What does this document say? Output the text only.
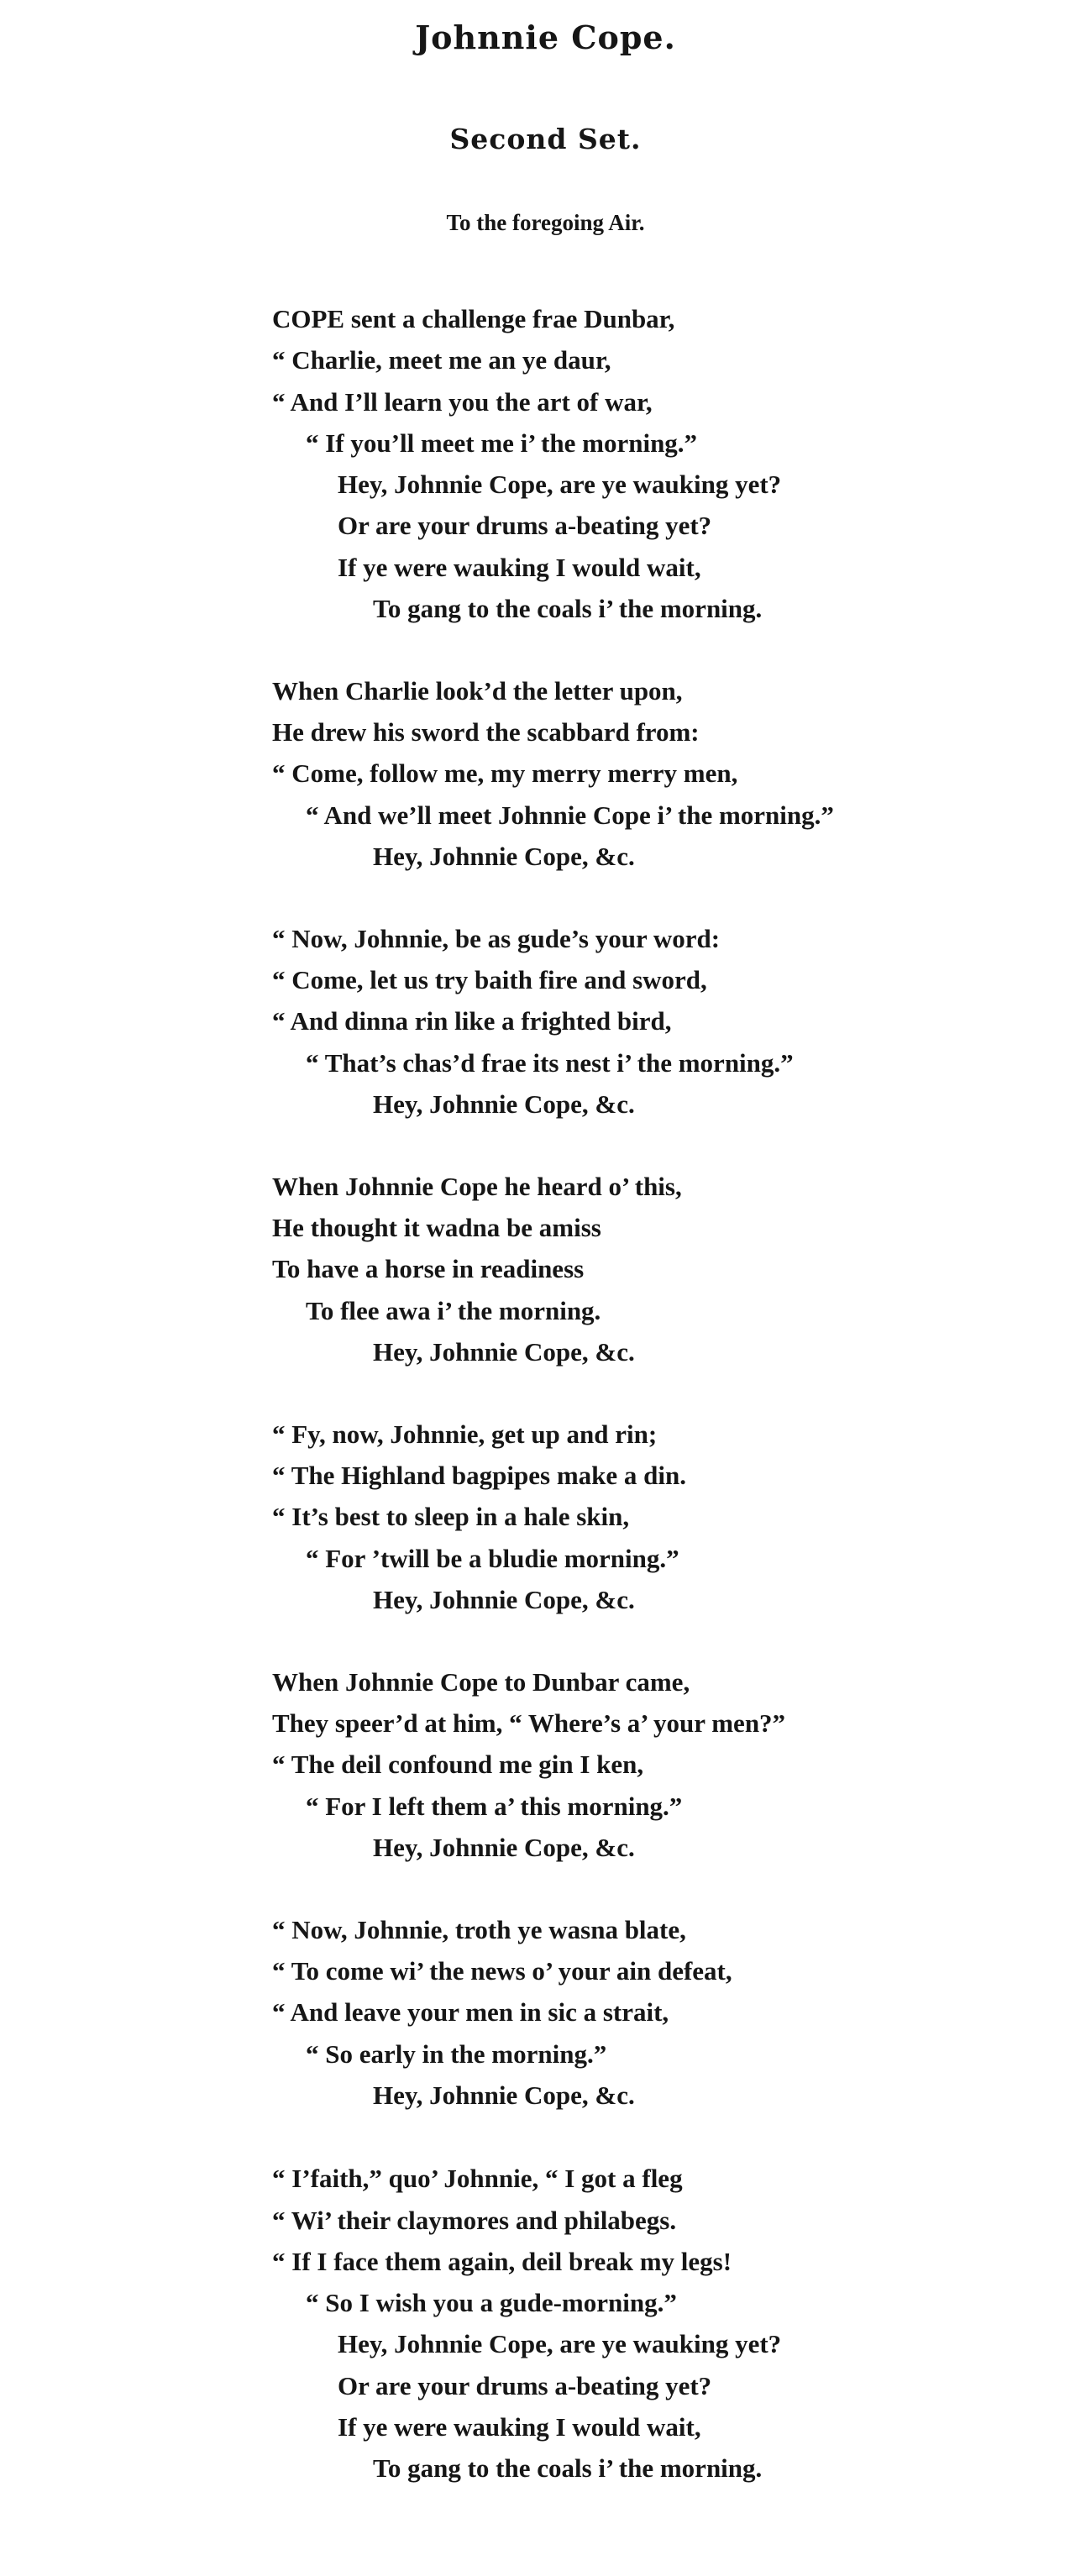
Johnnie Cope.
Second Set.

To the foregoing Air.

COPE sent a challenge frae Dunbar,
“ Charlie, meet me an ye daur,
“ And I’ll learn you the art of war,
“ If you’ll meet me i’ the morning.”
Hey, Johnnie Cope, are ye wauking yet?
Or are your drums a-beating yet?
If ye were wauking I would wait,
To gang to the coals i’ the morning.
When Charlie look’d the letter upon,
He drew his sword the scabbard from:
“ Come, follow me, my merry merry men,
“ And we’ll meet Johnnie Cope i’ the morning.”
Hey, Johnnie Cope, &c.
“ Now, Johnnie, be as gude’s your word:
“ Come, let us try baith fire and sword,
“ And dinna rin like a frighted bird,
“ That’s chas’d frae its nest i’ the morning.”
Hey, Johnnie Cope, &c.
When Johnnie Cope he heard o’ this,
He thought it wadna be amiss
To have a horse in readiness
To flee awa i’ the morning.
Hey, Johnnie Cope, &c.
“ Fy, now, Johnnie, get up and rin;
“ The Highland bagpipes make a din.
“ It’s best to sleep in a hale skin,
“ For ’twill be a bludie morning.”
Hey, Johnnie Cope, &c.
When Johnnie Cope to Dunbar came,
They speer’d at him, “ Where’s a’ your men?”
“ The deil confound me gin I ken,
“ For I left them a’ this morning.”
Hey, Johnnie Cope, &c.
“ Now, Johnnie, troth ye wasna blate,
“ To come wi’ the news o’ your ain defeat,
“ And leave your men in sic a strait,
“ So early in the morning.”
Hey, Johnnie Cope, &c.
“ I’faith,” quo’ Johnnie, “ I got a fleg
“ Wi’ their claymores and philabegs.
“ If I face them again, deil break my legs!
“ So I wish you a gude-morning.”
Hey, Johnnie Cope, are ye wauking yet?
Or are your drums a-beating yet?
If ye were wauking I would wait,
To gang to the coals i’ the morning.
